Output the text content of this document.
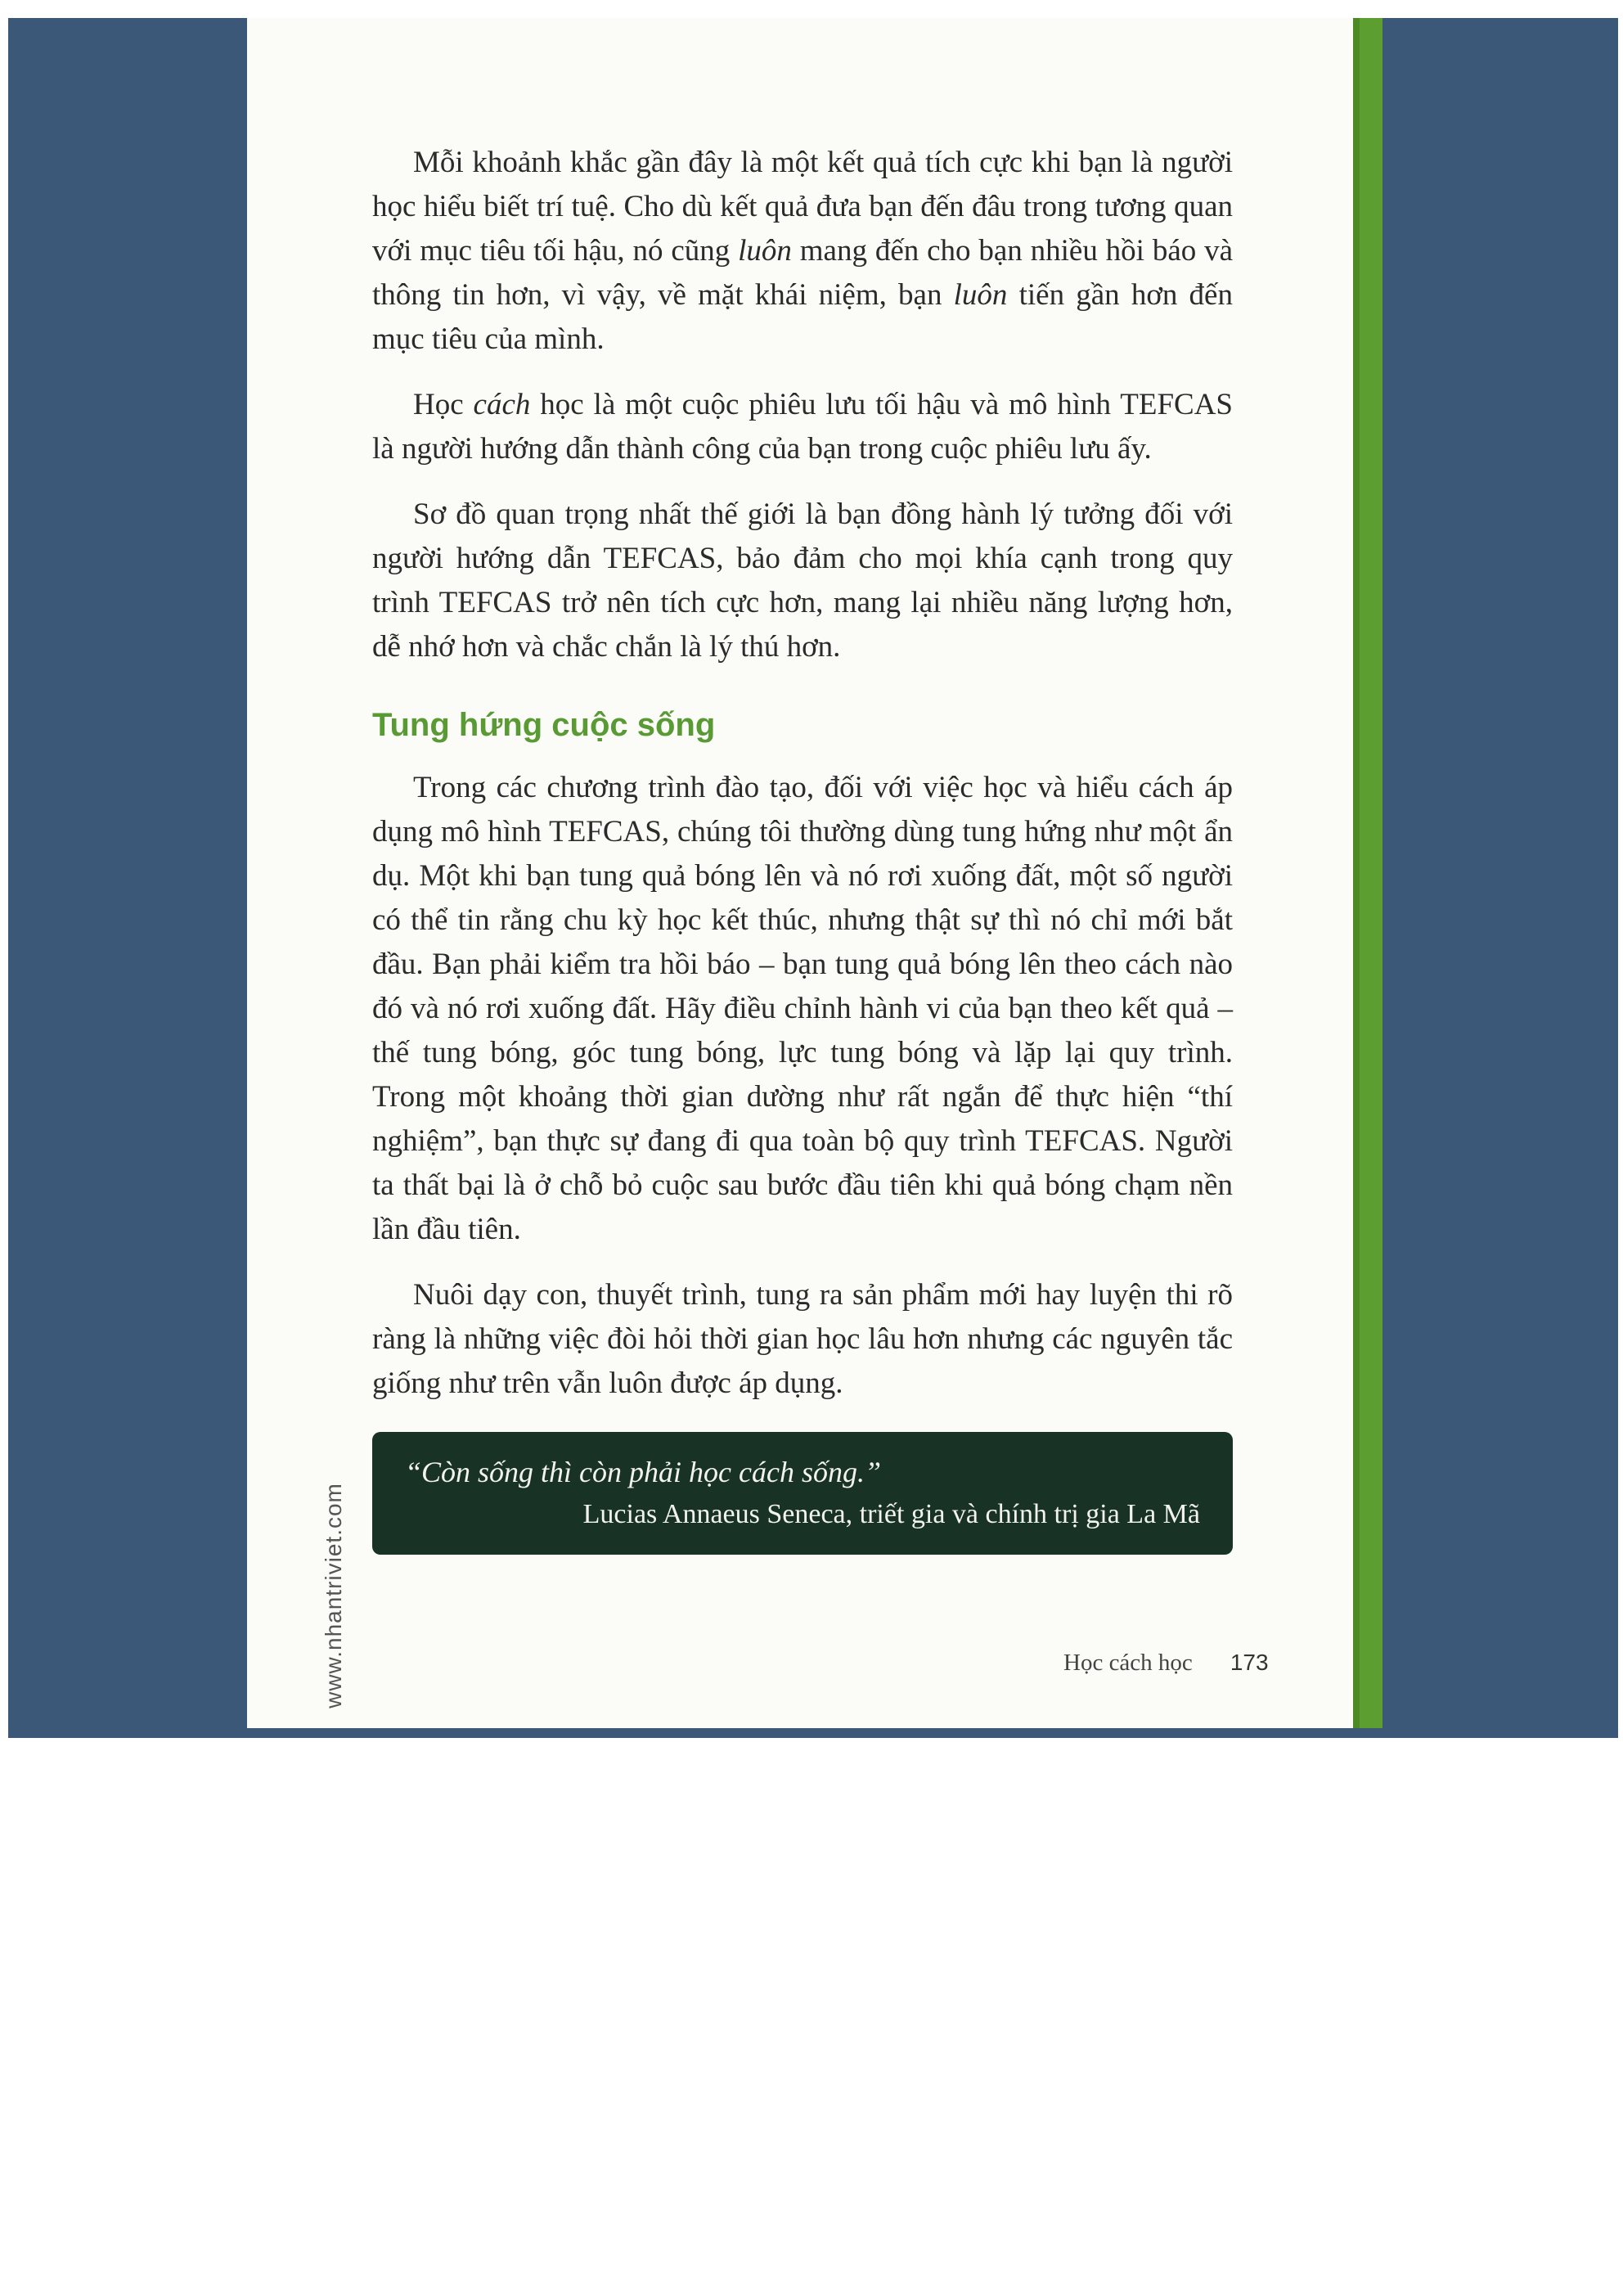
Mỗi khoảnh khắc gần đây là một kết quả tích cực khi bạn là người học hiểu biết trí tuệ. Cho dù kết quả đưa bạn đến đâu trong tương quan với mục tiêu tối hậu, nó cũng luôn mang đến cho bạn nhiều hồi báo và thông tin hơn, vì vậy, về mặt khái niệm, bạn luôn tiến gần hơn đến mục tiêu của mình.

Học cách học là một cuộc phiêu lưu tối hậu và mô hình TEFCAS là người hướng dẫn thành công của bạn trong cuộc phiêu lưu ấy.

Sơ đồ quan trọng nhất thế giới là bạn đồng hành lý tưởng đối với người hướng dẫn TEFCAS, bảo đảm cho mọi khía cạnh trong quy trình TEFCAS trở nên tích cực hơn, mang lại nhiều năng lượng hơn, dễ nhớ hơn và chắc chắn là lý thú hơn.

Tung hứng cuộc sống

Trong các chương trình đào tạo, đối với việc học và hiểu cách áp dụng mô hình TEFCAS, chúng tôi thường dùng tung hứng như một ẩn dụ. Một khi bạn tung quả bóng lên và nó rơi xuống đất, một số người có thể tin rằng chu kỳ học kết thúc, nhưng thật sự thì nó chỉ mới bắt đầu. Bạn phải kiểm tra hồi báo – bạn tung quả bóng lên theo cách nào đó và nó rơi xuống đất. Hãy điều chỉnh hành vi của bạn theo kết quả – thế tung bóng, góc tung bóng, lực tung bóng và lặp lại quy trình. Trong một khoảng thời gian dường như rất ngắn để thực hiện “thí nghiệm”, bạn thực sự đang đi qua toàn bộ quy trình TEFCAS. Người ta thất bại là ở chỗ bỏ cuộc sau bước đầu tiên khi quả bóng chạm nền lần đầu tiên.

Nuôi dạy con, thuyết trình, tung ra sản phẩm mới hay luyện thi rõ ràng là những việc đòi hỏi thời gian học lâu hơn nhưng các nguyên tắc giống như trên vẫn luôn được áp dụng.

“Còn sống thì còn phải học cách sống.”
Lucias Annaeus Seneca, triết gia và chính trị gia La Mã
www.nhantriviet.com	Học cách học 173
